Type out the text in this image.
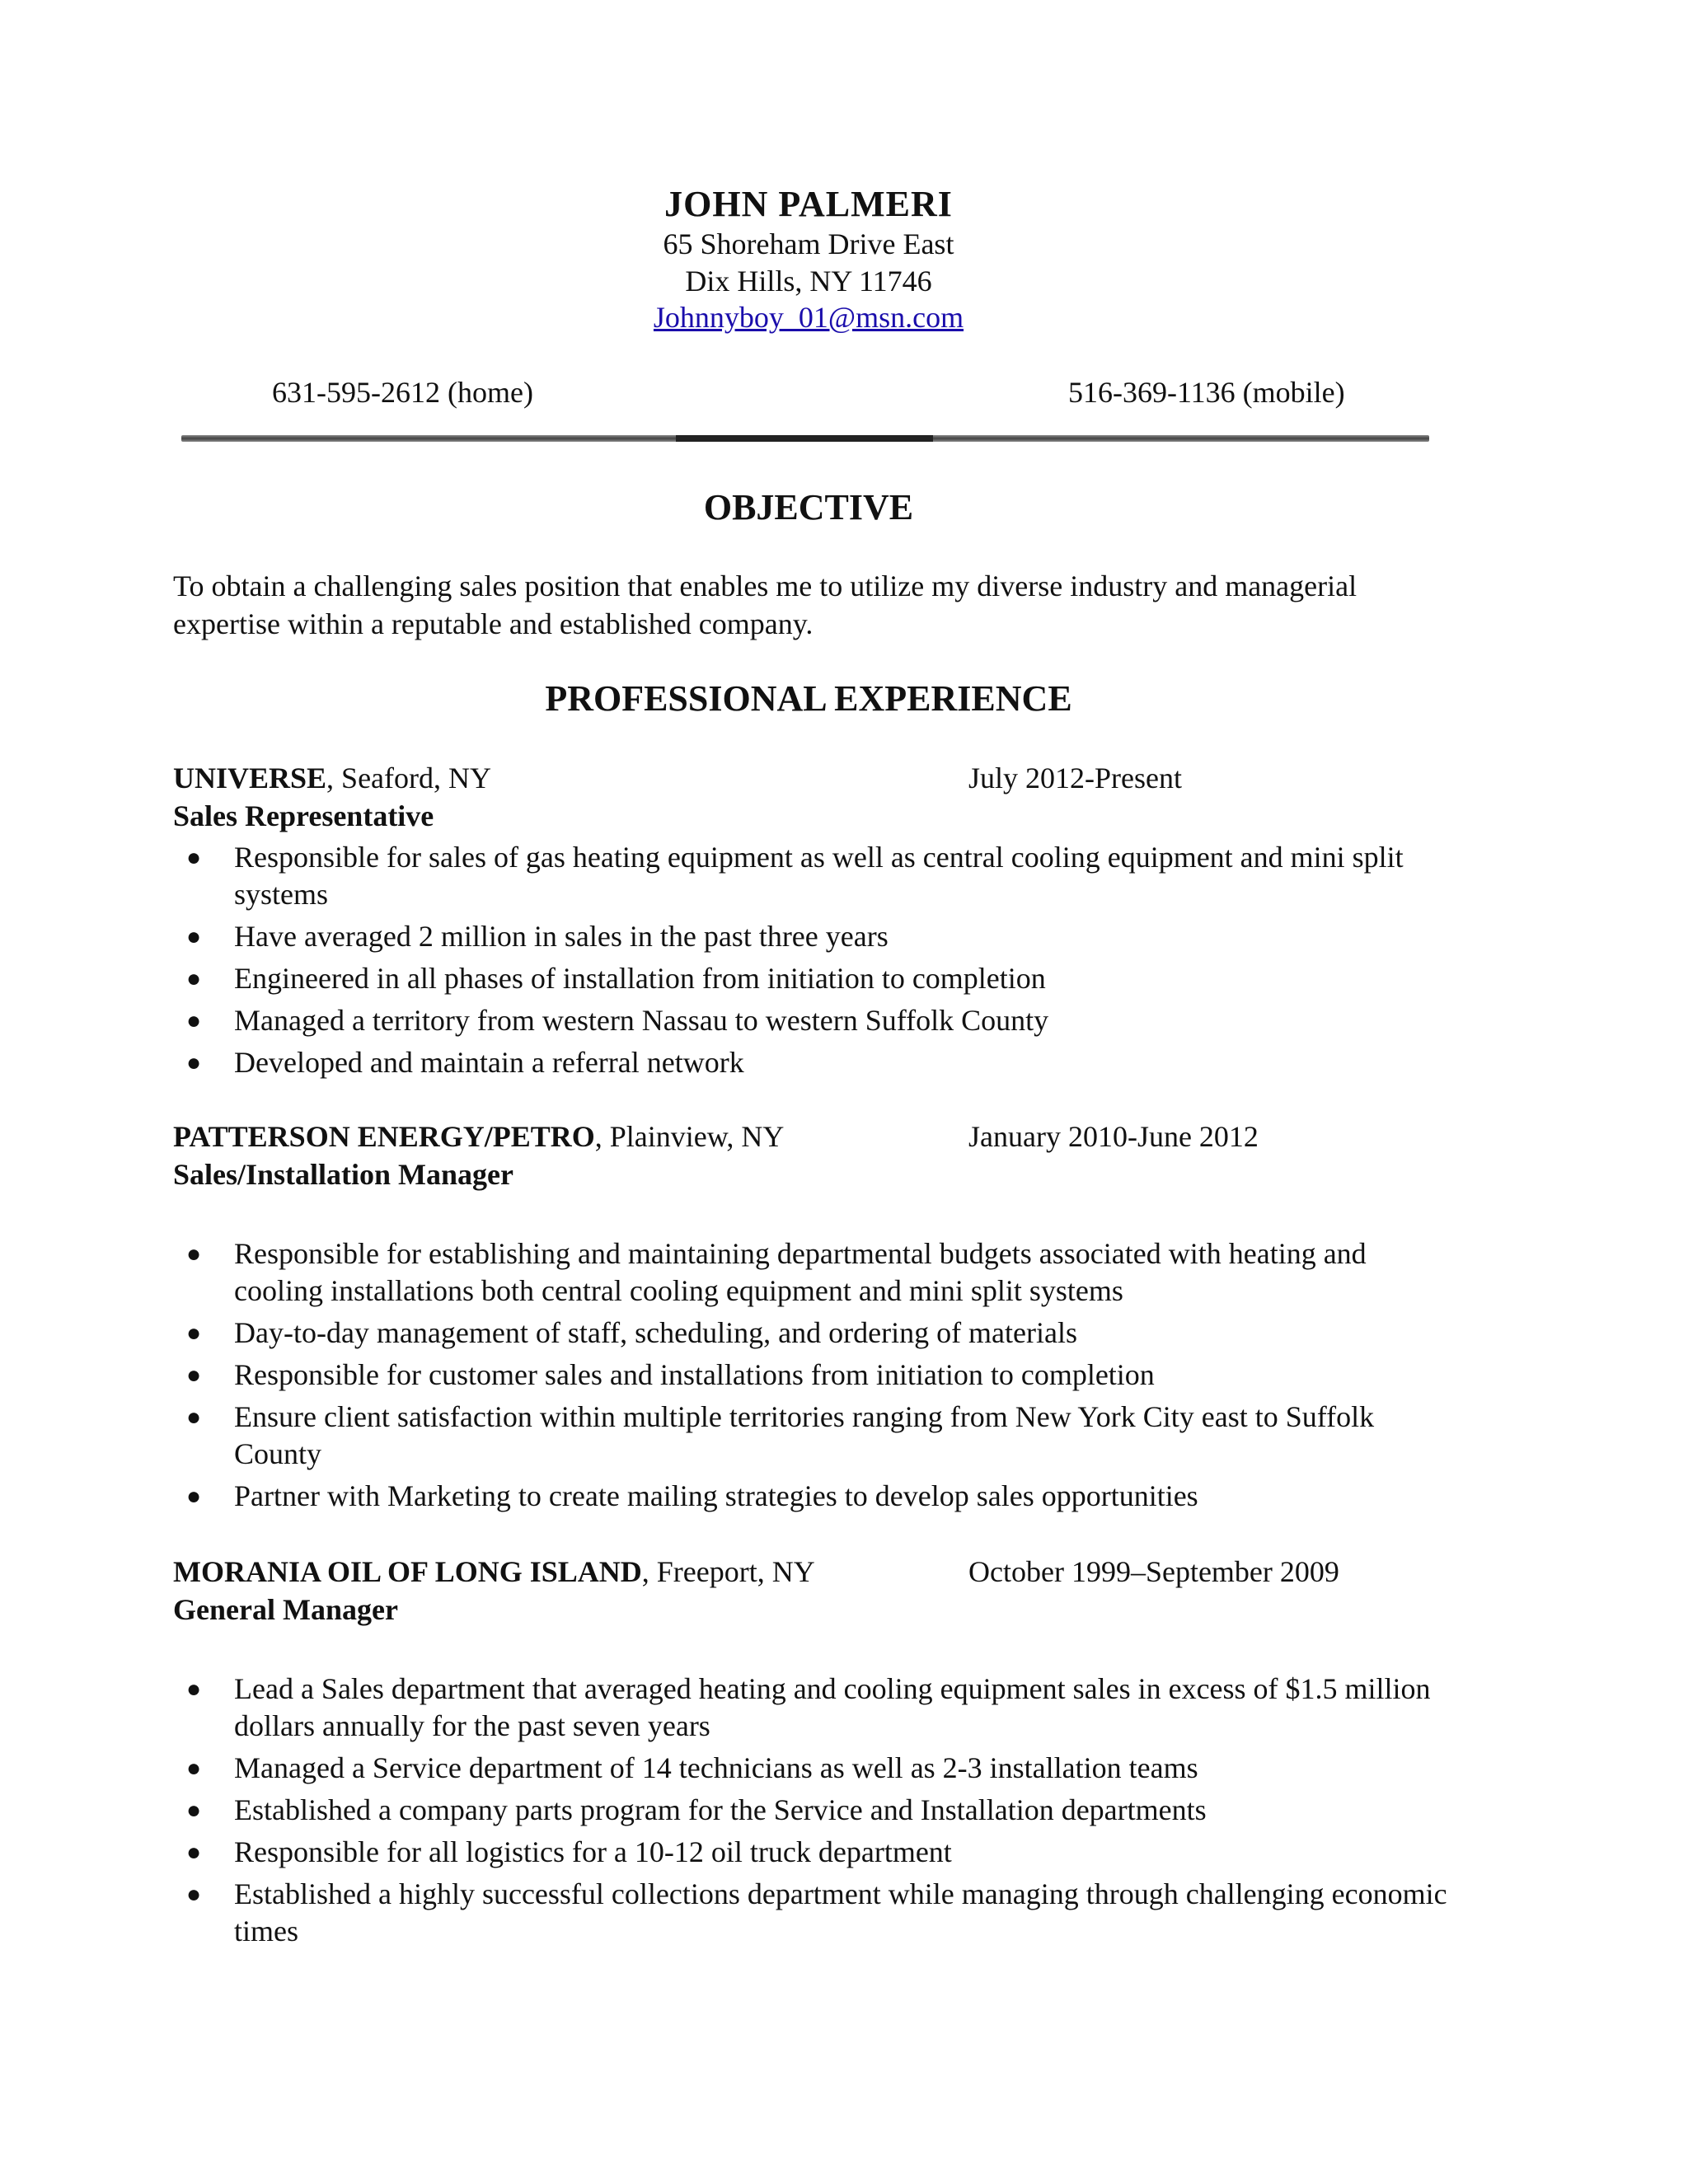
JOHN PALMERI
65 Shoreham Drive East
Dix Hills, NY 11746
Johnnyboy_01@msn.com
631-595-2612 (home)	516-369-1136 (mobile)
OBJECTIVE
To obtain a challenging sales position that enables me to utilize my diverse industry and managerial expertise within a reputable and established company.
PROFESSIONAL EXPERIENCE
UNIVERSE, Seaford, NY	July 2012-Present
Sales Representative
● Responsible for sales of gas heating equipment as well as central cooling equipment and mini split systems
● Have averaged 2 million in sales in the past three years
● Engineered in all phases of installation from initiation to completion
● Managed a territory from western Nassau to western Suffolk County
● Developed and maintain a referral network
PATTERSON ENERGY/PETRO, Plainview, NY	January 2010-June 2012
Sales/Installation Manager
● Responsible for establishing and maintaining departmental budgets associated with heating and cooling installations both central cooling equipment and mini split systems
● Day-to-day management of staff, scheduling, and ordering of materials
● Responsible for customer sales and installations from initiation to completion
● Ensure client satisfaction within multiple territories ranging from New York City east to Suffolk County
● Partner with Marketing to create mailing strategies to develop sales opportunities
MORANIA OIL OF LONG ISLAND, Freeport, NY	October 1999–September 2009
General Manager
● Lead a Sales department that averaged heating and cooling equipment sales in excess of $1.5 million dollars annually for the past seven years
● Managed a Service department of 14 technicians as well as 2-3 installation teams
● Established a company parts program for the Service and Installation departments
● Responsible for all logistics for a 10-12 oil truck department
● Established a highly successful collections department while managing through challenging economic times
